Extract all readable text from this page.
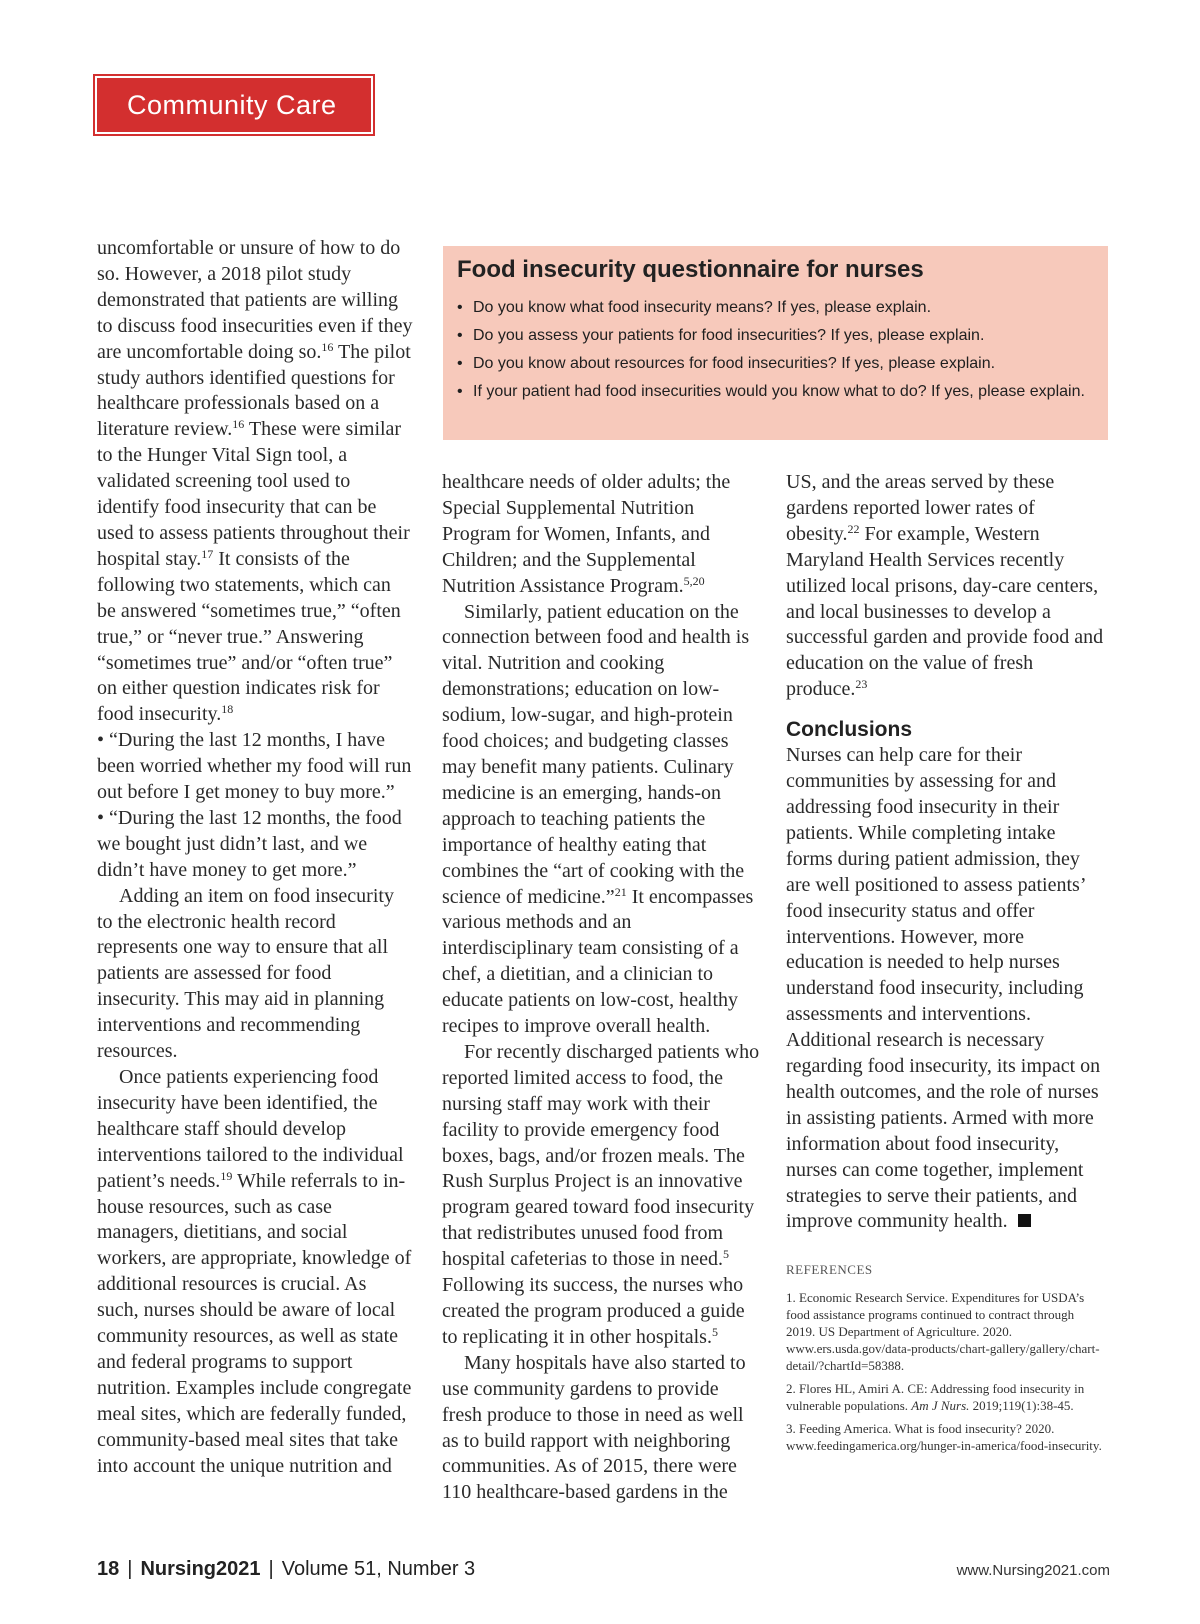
Community Care

uncomfortable or unsure of how to do so. However, a 2018 pilot study demonstrated that patients are willing to discuss food insecurities even if they are uncomfortable doing so.$^{16}$ The pilot study authors identified questions for healthcare professionals based on a literature review.$^{16}$ These were similar to the Hunger Vital Sign tool, a validated screening tool used to identify food insecurity that can be used to assess patients throughout their hospital stay.$^{17}$ It consists of the following two statements, which can be answered “sometimes true,” “often true,” or “never true.” Answering “sometimes true” and/or “often true” on either question indicates risk for food insecurity.$^{18}$

• “During the last 12 months, I have been worried whether my food will run out before I get money to buy more.”

• “During the last 12 months, the food we bought just didn’t last, and we didn’t have money to get more.”

Adding an item on food insecurity to the electronic health record represents one way to ensure that all patients are assessed for food insecurity. This may aid in planning interventions and recommending resources.

Once patients experiencing food insecurity have been identified, the healthcare staff should develop interventions tailored to the individual patient’s needs.$^{19}$ While referrals to in-house resources, such as case managers, dietitians, and social workers, are appropriate, knowledge of additional resources is crucial. As such, nurses should be aware of local community resources, as well as state and federal programs to support nutrition. Examples include congregate meal sites, which are federally funded, community-based meal sites that take into account the unique nutrition and

Food insecurity questionnaire for nurses
• Do you know what food insecurity means? If yes, please explain.
• Do you assess your patients for food insecurities? If yes, please explain.
• Do you know about resources for food insecurities? If yes, please explain.
• If your patient had food insecurities would you know what to do? If yes, please explain.

healthcare needs of older adults; the Special Supplemental Nutrition Program for Women, Infants, and Children; and the Supplemental Nutrition Assistance Program.$^{5,20}$

Similarly, patient education on the connection between food and health is vital. Nutrition and cooking demonstrations; education on low-sodium, low-sugar, and high-protein food choices; and budgeting classes may benefit many patients. Culinary medicine is an emerging, hands-on approach to teaching patients the importance of healthy eating that combines the “art of cooking with the science of medicine.”$^{21}$ It encompasses various methods and an interdisciplinary team consisting of a chef, a dietitian, and a clinician to educate patients on low-cost, healthy recipes to improve overall health.

For recently discharged patients who reported limited access to food, the nursing staff may work with their facility to provide emergency food boxes, bags, and/or frozen meals. The Rush Surplus Project is an innovative program geared toward food insecurity that redistributes unused food from hospital cafeterias to those in need.$^5$ Following its success, the nurses who created the program produced a guide to replicating it in other hospitals.$^5$

Many hospitals have also started to use community gardens to provide fresh produce to those in need as well as to build rapport with neighboring communities. As of 2015, there were 110 healthcare-based gardens in the

US, and the areas served by these gardens reported lower rates of obesity.$^{22}$ For example, Western Maryland Health Services recently utilized local prisons, day-care centers, and local businesses to develop a successful garden and provide food and education on the value of fresh produce.$^{23}$

Conclusions

Nurses can help care for their communities by assessing for and addressing food insecurity in their patients. While completing intake forms during patient admission, they are well positioned to assess patients’ food insecurity status and offer interventions. However, more education is needed to help nurses understand food insecurity, including assessments and interventions. Additional research is necessary regarding food insecurity, its impact on health outcomes, and the role of nurses in assisting patients. Armed with more information about food insecurity, nurses can come together, implement strategies to serve their patients, and improve community health.

REFERENCES
1. Economic Research Service. Expenditures for USDA’s food assistance programs continued to contract through 2019. US Department of Agriculture. 2020. www.ers.usda.gov/data-products/chart-gallery/gallery/chart-detail/?chartId=58388.
2. Flores HL, Amiri A. CE: Addressing food insecurity in vulnerable populations. Am J Nurs. 2019;119(1):38-45.
3. Feeding America. What is food insecurity? 2020. www.feedingamerica.org/hunger-in-america/food-insecurity.
18 | Nursing2021 | Volume 51, Number 3	www.Nursing2021.com
